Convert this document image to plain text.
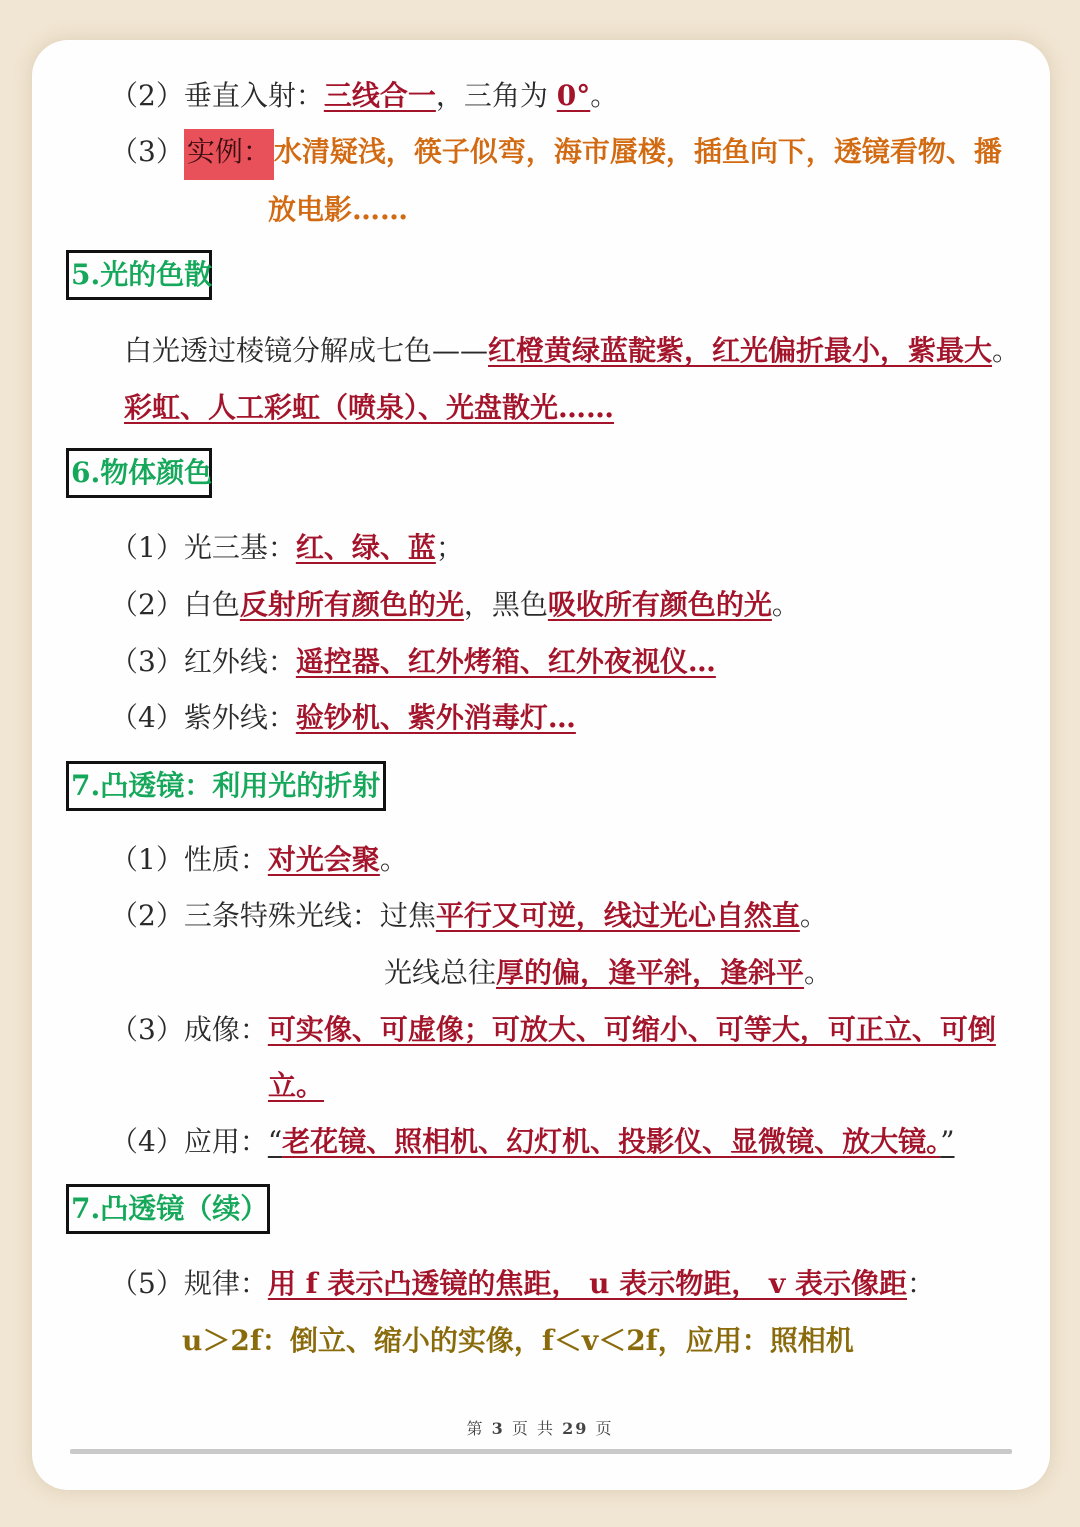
（2）垂直入射：三线合一，三角为 0°。
（3） 实例： 水清疑浅，筷子似弯，海市蜃楼，插鱼向下，透镜看物、播
放电影……
5.光的色散
白光透过棱镜分解成七色——红橙黄绿蓝靛紫，红光偏折最小，紫最大。
彩虹、人工彩虹（喷泉）、光盘散光……
6.物体颜色
（1）光三基：红、绿、蓝；
（2）白色反射所有颜色的光，黑色吸收所有颜色的光。
（3）红外线：遥控器、红外烤箱、红外夜视仪…
（4）紫外线：验钞机、紫外消毒灯…
7.凸透镜：利用光的折射
（1）性质：对光会聚。
（2）三条特殊光线：过焦平行又可逆，线过光心自然直。
光线总往厚的偏，逢平斜，逢斜平。
（3）成像：可实像、可虚像；可放大、可缩小、可等大，可正立、可倒
立。
（4）应用：“老花镜、照相机、幻灯机、投影仪、显微镜、放大镜。”
7.凸透镜（续）
（5）规律：用 f 表示凸透镜的焦距， u 表示物距， v 表示像距：
u＞2f：倒立、缩小的实像，f＜v＜2f，应用：照相机
第 3 页 共 29 页
